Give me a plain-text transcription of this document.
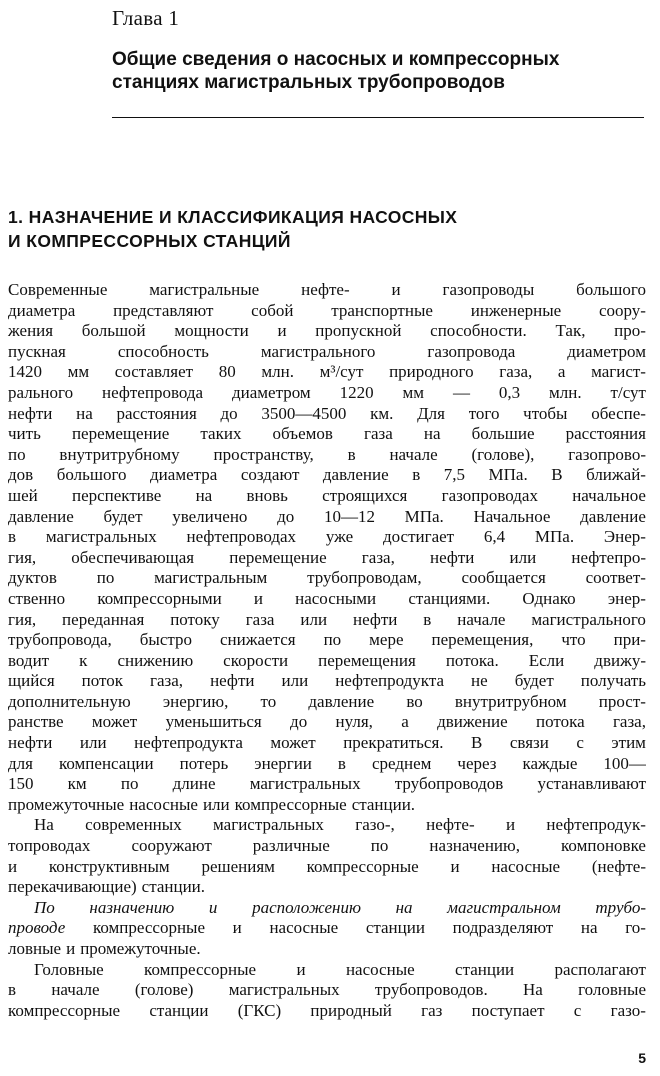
Глава 1
Общие сведения о насосных и компрессорных
станциях магистральных трубопроводов
1. НАЗНАЧЕНИЕ И КЛАССИФИКАЦИЯ НАСОСНЫХ
И КОМПРЕССОРНЫХ СТАНЦИЙ
Современные магистральные нефте- и газопроводы большого
диаметра представляют собой транспортные инженерные соору-
жения большой мощности и пропускной способности. Так, про-
пускная	способность	магистрального	газопровода	диаметром
1420 мм составляет 80 млн. м³/сут природного газа, а магист-
рального нефтепровода диаметром 1220 мм — 0,3 млн. т/сут
нефти на расстояния до 3500—4500 км. Для того чтобы обеспе-
чить перемещение таких объемов газа на большие расстояния
по внутритрубному пространству, в начале (голове), газопрово-
дов большого диаметра создают давление в 7,5 МПа. В ближай-
шей перспективе на вновь строящихся газопроводах начальное
давление будет увеличено до 10—12 МПа. Начальное давление
в магистральных нефтепроводах уже достигает 6,4 МПа. Энер-
гия, обеспечивающая перемещение газа, нефти или нефтепро-
дуктов по магистральным трубопроводам, сообщается соответ-
ственно компрессорными и насосными станциями. Однако энер-
гия, переданная потоку газа или нефти в начале магистрального
трубопровода, быстро снижается по мере перемещения, что при-
водит к снижению скорости перемещения потока. Если движу-
щийся поток газа, нефти или нефтепродукта не будет получать
дополнительную энергию, то давление во внутритрубном прост-
ранстве может уменьшиться до нуля, а движение потока газа,
нефти или нефтепродукта может прекратиться. В связи с этим
для компенсации потерь энергии в среднем через каждые 100—
150 км по длине магистральных трубопроводов устанавливают
промежуточные насосные или компрессорные станции.
На современных магистральных газо-, нефте- и нефтепродук-
топроводах сооружают различные по назначению, компоновке
и конструктивным решениям компрессорные и насосные (нефте-
перекачивающие) станции.
По назначению и расположению на магистральном трубо-
проводе компрессорные и насосные станции подразделяют на го-
ловные и промежуточные.
Головные компрессорные и насосные станции располагают
в начале (голове) магистральных трубопроводов. На головные
компрессорные станции (ГКС) природный газ поступает с газо-
5
